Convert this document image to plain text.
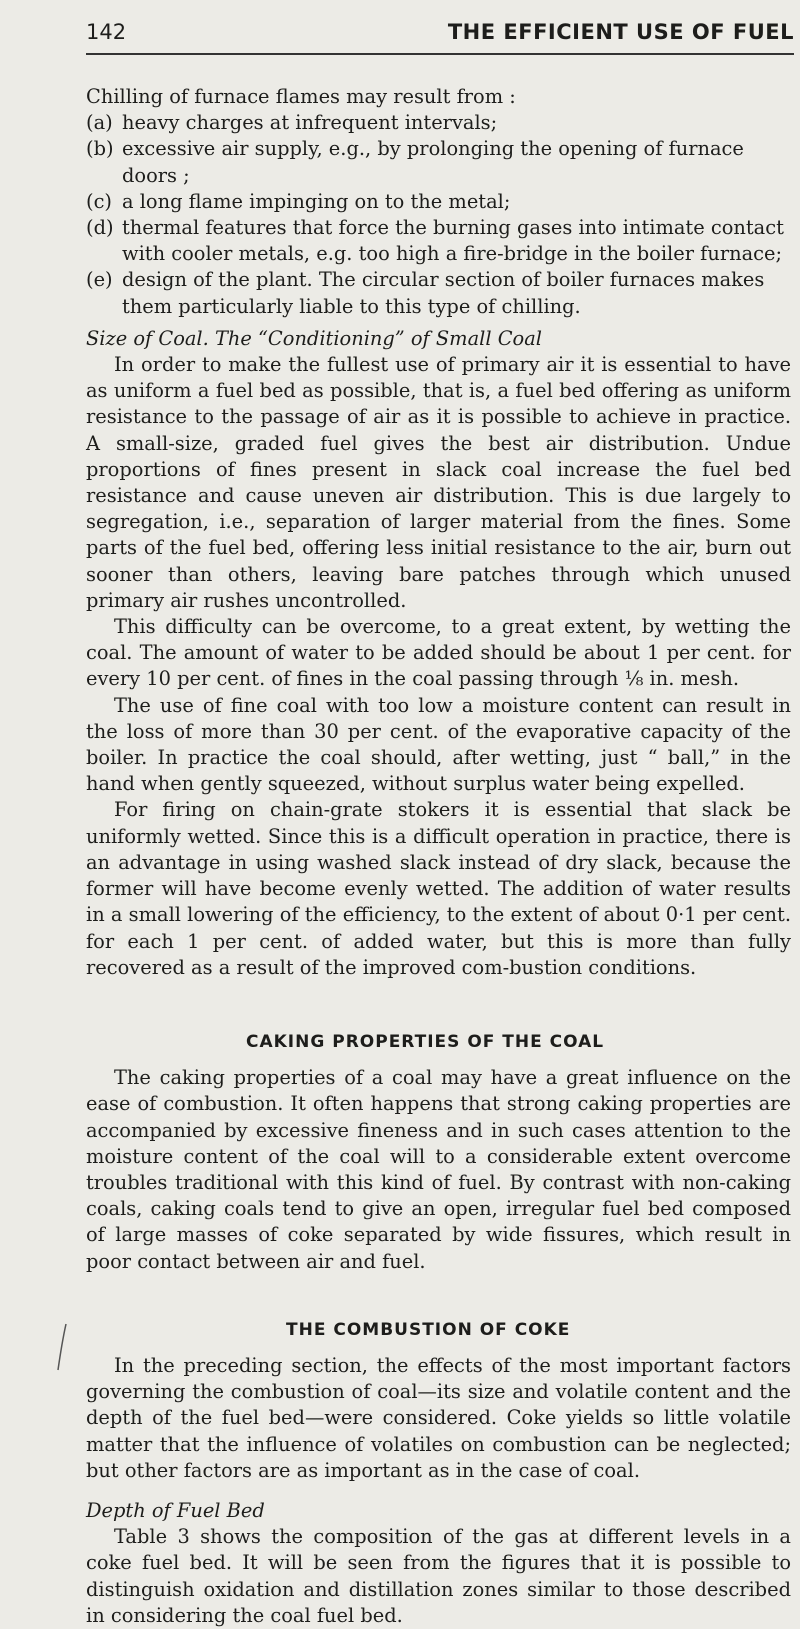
142	THE EFFICIENT USE OF FUEL

Chilling of furnace flames may result from :

(a) heavy charges at infrequent intervals;
(b) excessive air supply, e.g., by prolonging the opening of furnace doors ;
(c) a long flame impinging on to the metal;
(d) thermal features that force the burning gases into intimate contact with cooler metals, e.g. too high a fire-bridge in the boiler furnace;
(e) design of the plant. The circular section of boiler furnaces makes them particularly liable to this type of chilling.

Size of Coal. The “Conditioning” of Small Coal

In order to make the fullest use of primary air it is essential to have as uniform a fuel bed as possible, that is, a fuel bed offering as uniform resistance to the passage of air as it is possible to achieve in practice. A small-size, graded fuel gives the best air distribution. Undue proportions of fines present in slack coal increase the fuel bed resistance and cause uneven air distribution. This is due largely to segregation, i.e., separation of larger material from the fines. Some parts of the fuel bed, offering less initial resistance to the air, burn out sooner than others, leaving bare patches through which unused primary air rushes uncontrolled.

This difficulty can be overcome, to a great extent, by wetting the coal. The amount of water to be added should be about 1 per cent. for every 10 per cent. of fines in the coal passing through ⅛ in. mesh.

The use of fine coal with too low a moisture content can result in the loss of more than 30 per cent. of the evaporative capacity of the boiler. In practice the coal should, after wetting, just “ ball,” in the hand when gently squeezed, without surplus water being expelled.

For firing on chain-grate stokers it is essential that slack be uniformly wetted. Since this is a difficult operation in practice, there is an advantage in using washed slack instead of dry slack, because the former will have become evenly wetted. The addition of water results in a small lowering of the efficiency, to the extent of about 0·1 per cent. for each 1 per cent. of added water, but this is more than fully recovered as a result of the improved com-bustion conditions.

CAKING PROPERTIES OF THE COAL

The caking properties of a coal may have a great influence on the ease of combustion. It often happens that strong caking properties are accompanied by excessive fineness and in such cases attention to the moisture content of the coal will to a considerable extent overcome troubles traditional with this kind of fuel. By contrast with non-caking coals, caking coals tend to give an open, irregular fuel bed composed of large masses of coke separated by wide fissures, which result in poor contact between air and fuel.

THE COMBUSTION OF COKE

In the preceding section, the effects of the most important factors governing the combustion of coal—its size and volatile content and the depth of the fuel bed—were considered. Coke yields so little volatile matter that the influence of volatiles on combustion can be neglected; but other factors are as important as in the case of coal.

Depth of Fuel Bed

Table 3 shows the composition of the gas at different levels in a coke fuel bed. It will be seen from the figures that it is possible to distinguish oxidation and distillation zones similar to those described in considering the coal fuel bed.
